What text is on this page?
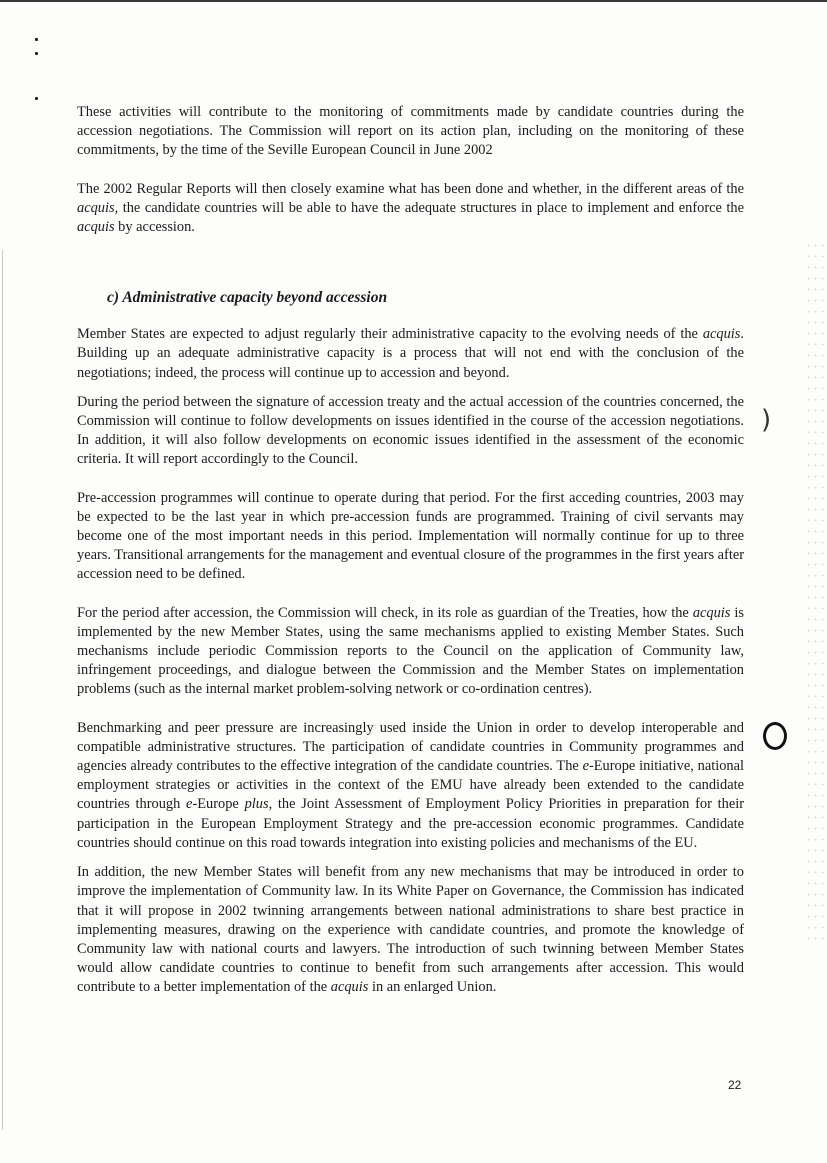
)

These activities will contribute to the monitoring of commitments made by candidate countries during the accession negotiations. The Commission will report on its action plan, including on the monitoring of these commitments, by the time of the Seville European Council in June 2002

The 2002 Regular Reports will then closely examine what has been done and whether, in the different areas of the acquis, the candidate countries will be able to have the adequate structures in place to implement and enforce the acquis by accession.

c) Administrative capacity beyond accession

Member States are expected to adjust regularly their administrative capacity to the evolving needs of the acquis. Building up an adequate administrative capacity is a process that will not end with the conclusion of the negotiations; indeed, the process will continue up to accession and beyond.

During the period between the signature of accession treaty and the actual accession of the countries concerned, the Commission will continue to follow developments on issues identified in the course of the accession negotiations. In addition, it will also follow developments on economic issues identified in the assessment of the economic criteria. It will report accordingly to the Council.

Pre-accession programmes will continue to operate during that period. For the first acceding countries, 2003 may be expected to be the last year in which pre-accession funds are programmed. Training of civil servants may become one of the most important needs in this period. Implementation will normally continue for up to three years. Transitional arrangements for the management and eventual closure of the programmes in the first years after accession need to be defined.

For the period after accession, the Commission will check, in its role as guardian of the Treaties, how the acquis is implemented by the new Member States, using the same mechanisms applied to existing Member States. Such mechanisms include periodic Commission reports to the Council on the application of Community law, infringement proceedings, and dialogue between the Commission and the Member States on implementation problems (such as the internal market problem-solving network or co-ordination centres).

Benchmarking and peer pressure are increasingly used inside the Union in order to develop interoperable and compatible administrative structures. The participation of candidate countries in Community programmes and agencies already contributes to the effective integration of the candidate countries. The e-Europe initiative, national employment strategies or activities in the context of the EMU have already been extended to the candidate countries through e-Europe plus, the Joint Assessment of Employment Policy Priorities in preparation for their participation in the European Employment Strategy and the pre-accession economic programmes. Candidate countries should continue on this road towards integration into existing policies and mechanisms of the EU.

In addition, the new Member States will benefit from any new mechanisms that may be introduced in order to improve the implementation of Community law. In its White Paper on Governance, the Commission has indicated that it will propose in 2002 twinning arrangements between national administrations to share best practice in implementing measures, drawing on the experience with candidate countries, and promote the knowledge of Community law with national courts and lawyers. The introduction of such twinning between Member States would allow candidate countries to continue to benefit from such arrangements after accession. This would contribute to a better implementation of the acquis in an enlarged Union.

22
